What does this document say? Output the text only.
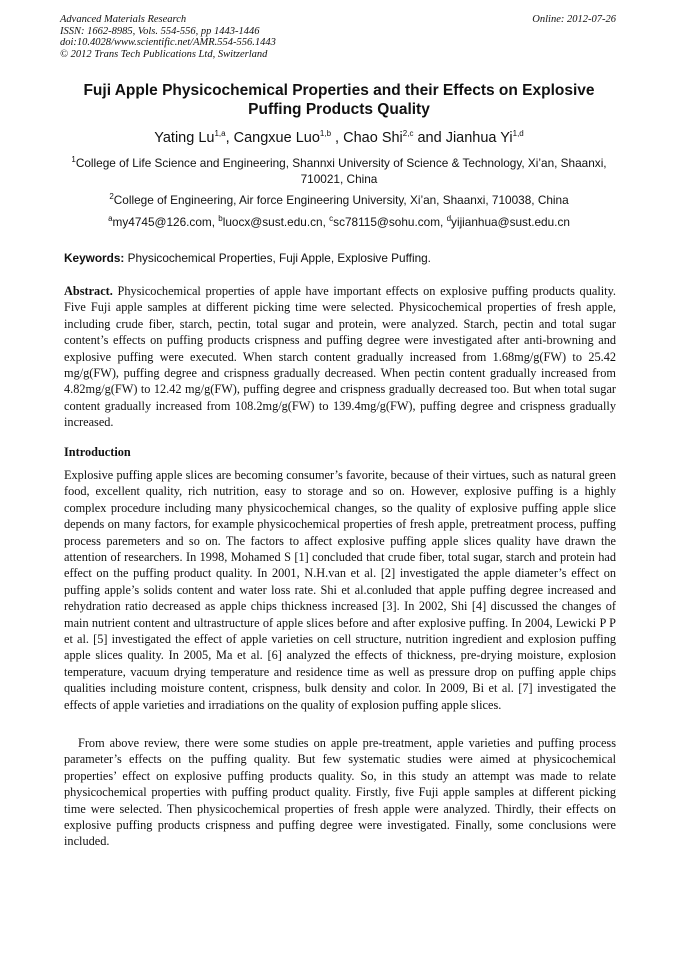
Advanced Materials Research
ISSN: 1662-8985, Vols. 554-556, pp 1443-1446
doi:10.4028/www.scientific.net/AMR.554-556.1443
© 2012 Trans Tech Publications Ltd, Switzerland
Online: 2012-07-26
Fuji Apple Physicochemical Properties and their Effects on Explosive Puffing Products Quality
Yating Lu$^{1,a}$, Cangxue Luo$^{1,b}$ , Chao Shi$^{2,c}$ and Jianhua Yi$^{1,d}$
$^1$College of Life Science and Engineering, Shannxi University of Science & Technology, Xi’an, Shaanxi, 710021, China
$^2$College of Engineering, Air force Engineering University, Xi’an, Shaanxi, 710038, China
$^a$my4745@126.com, $^b$luocx@sust.edu.cn, $^c$sc78115@sohu.com, $^d$yijianhua@sust.edu.cn
Keywords: Physicochemical Properties, Fuji Apple, Explosive Puffing.
Abstract. Physicochemical properties of apple have important effects on explosive puffing products quality. Five Fuji apple samples at different picking time were selected. Physicochemical properties of fresh apple, including crude fiber, starch, pectin, total sugar and protein, were analyzed. Starch, pectin and total sugar content’s effects on puffing products crispness and puffing degree were investigated after anti-browning and explosive puffing were executed. When starch content gradually increased from 1.68mg/g(FW) to 25.42 mg/g(FW), puffing degree and crispness gradually decreased. When pectin content gradually increased from 4.82mg/g(FW) to 12.42 mg/g(FW), puffing degree and crispness gradually decreased too. But when total sugar content gradually increased from 108.2mg/g(FW) to 139.4mg/g(FW), puffing degree and crispness gradually increased.
Introduction
Explosive puffing apple slices are becoming consumer’s favorite, because of their virtues, such as natural green food, excellent quality, rich nutrition, easy to storage and so on. However, explosive puffing is a highly complex procedure including many physicochemical changes, so the quality of explosive puffing apple slice depends on many factors, for example physicochemical properties of fresh apple, pretreatment process, puffing process paremeters and so on. The factors to affect explosive puffing apple slices quality have drawn the attention of researchers. In 1998, Mohamed S [1] concluded that crude fiber, total sugar, starch and protein had effect on the puffing product quality. In 2001, N.H.van et al. [2] investigated the apple diameter’s effect on puffing apple’s solids content and water loss rate. Shi et al.conluded that apple puffing degree increased and rehydration ratio decreased as apple chips thickness increased [3]. In 2002, Shi [4] discussed the changes of main nutrient content and ultrastructure of apple slices before and after explosive puffing. In 2004, Lewicki P P et al. [5] investigated the effect of apple varieties on cell structure, nutrition ingredient and explosion puffing apple slices quality. In 2005, Ma et al. [6] analyzed the effects of thickness, pre-drying moisture, explosion temperature, vacuum drying temperature and residence time as well as pressure drop on puffing apple chips qualities including moisture content, crispness, bulk density and color. In 2009, Bi et al. [7] investigated the effects of apple varieties and irradiations on the quality of explosion puffing apple slices.
From above review, there were some studies on apple pre-treatment, apple varieties and puffing process parameter’s effects on the puffing quality. But few systematic studies were aimed at physicochemical properties’ effect on explosive puffing products quality. So, in this study an attempt was made to relate physicochemical properties with puffing product quality. Firstly, five Fuji apple samples at different picking time were selected. Then physicochemical properties of fresh apple were analyzed. Thirdly, their effects on explosive puffing products crispness and puffing degree were investigated. Finally, some conclusions were included.
